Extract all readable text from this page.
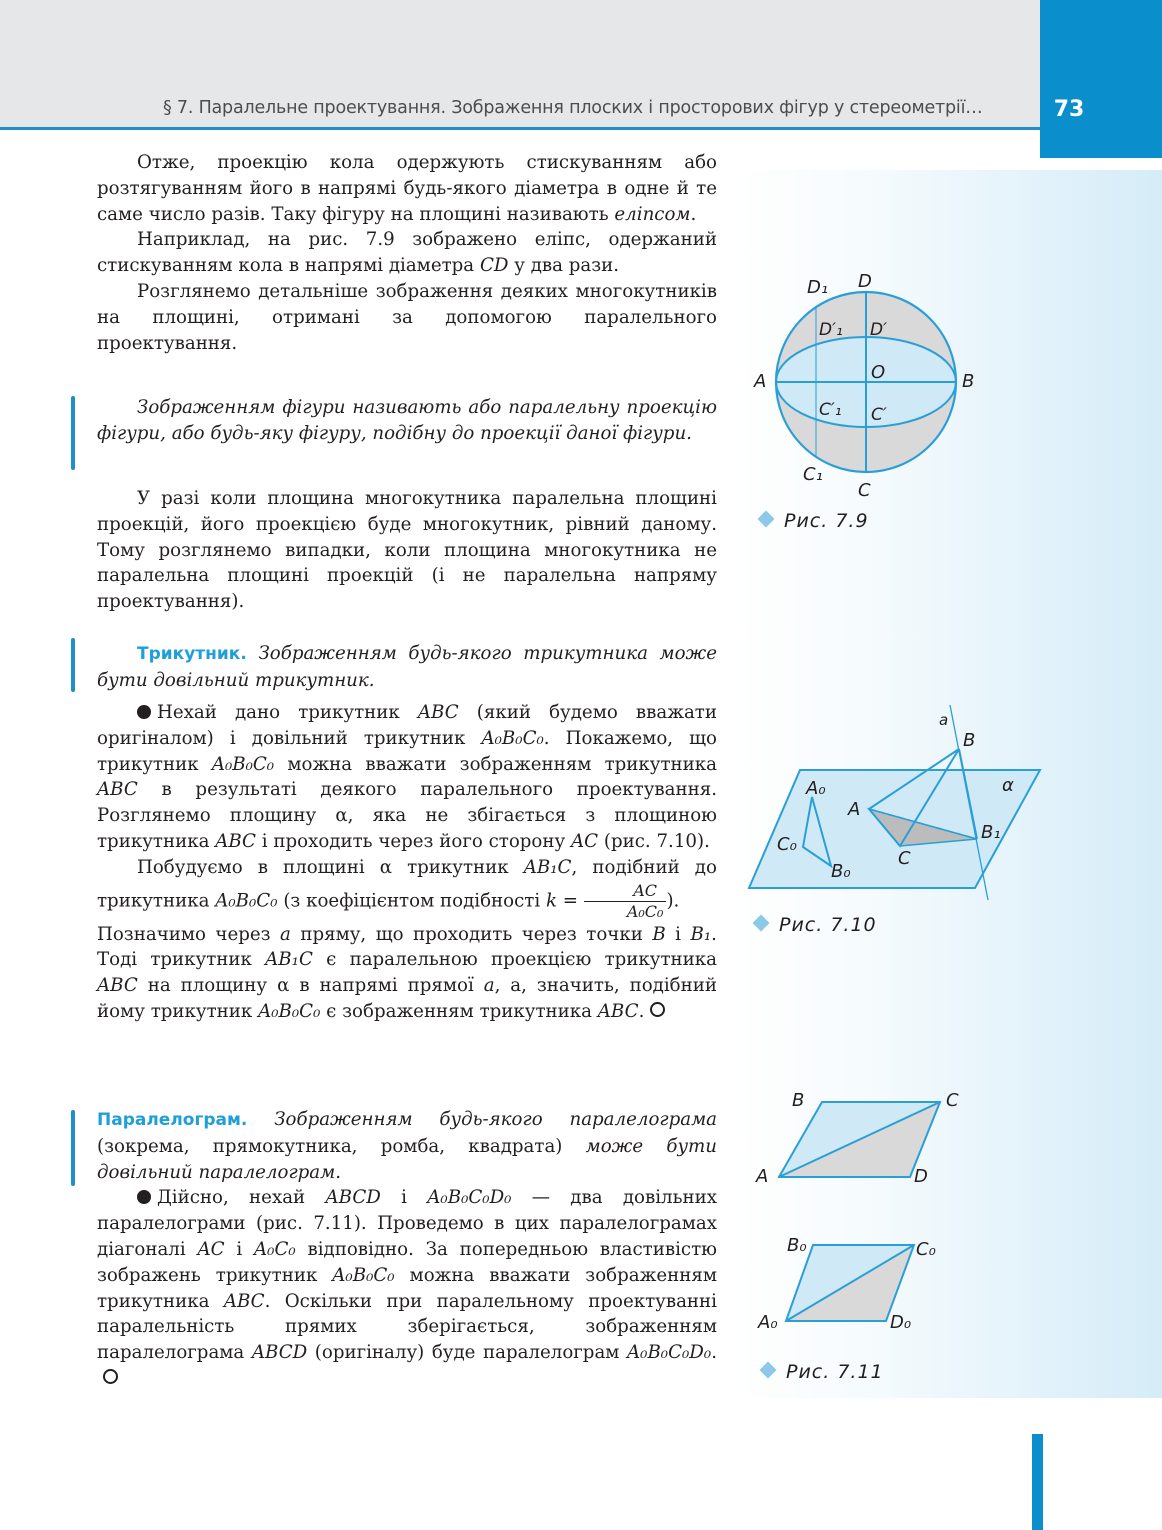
§ 7. Паралельне проектування. Зображення плоских і просторових фігур у стереометрії…	73

Отже, проекцію кола одержують стискуванням або розтягуванням його в напрямі будь-якого діаметра в одне й те саме число разів. Таку фігуру на площині називають еліпсом.

Наприклад, на рис. 7.9 зображено еліпс, одержаний стискуванням кола в напрямі діаметра CD у два рази.

Розглянемо детальніше зображення деяких многокутників на площині, отримані за допомогою паралельного проектування.

Зображенням фігури називають або паралельну проекцію фігури, або будь-яку фігуру, подібну до проекції даної фігури.

У разі коли площина многокутника паралельна площині проекцій, його проекцією буде многокутник, рівний даному. Тому розглянемо випадки, коли площина многокутника не паралельна площині проекцій (і не паралельна напряму проектування).

Трикутник. Зображенням будь-якого трикутника може бути довільний трикутник.

Нехай дано трикутник ABC (який будемо вважати оригіналом) і довільний трикутник A₀B₀C₀. Покажемо, що трикутник A₀B₀C₀ можна вважати зображенням трикутника ABC в результаті деякого паралельного проектування. Розглянемо площину α, яка не збігається з площиною трикутника ABC і проходить через його сторону AC (рис. 7.10).

Побудуємо в площині α трикутник AB₁C, подібний до трикутника A₀B₀C₀ (з коефіцієнтом подібності $k = \frac{AC}{\text{A₀C₀}}$ ).

Позначимо через a пряму, що проходить через точки B і B₁. Тоді трикутник AB₁C є паралельною проекцією трикутника ABC на площину α в напрямі прямої a, а, значить, подібний йому трикутник A₀B₀C₀ є зображенням трикутника ABC.

Паралелограм. Зображенням будь-якого паралелограма (зокрема, прямокутника, ромба, квадрата) може бути довільний паралелограм.

Дійсно, нехай ABCD і A₀B₀C₀D₀ — два довільних паралелограми (рис. 7.11). Проведемо в цих паралелограмах діагоналі AC і A₀C₀ відповідно. За попередньою властивістю зображень трикутник A₀B₀C₀ можна вважати зображенням трикутника ABC. Оскільки при паралельному проектуванні паралельність прямих зберігається, зображенням паралелограма ABCD (оригіналу) буде паралелограм A₀B₀C₀D₀.

D₁ D
D′₁ D′
A	O	B
C′₁ C′
C₁
C
Рис. 7.9
a
B
α
A₀
A
C₀
B₁
C
B₀
Рис. 7.10
B	C
A	D
B₀	C₀
A₀	D₀
Рис. 7.11
